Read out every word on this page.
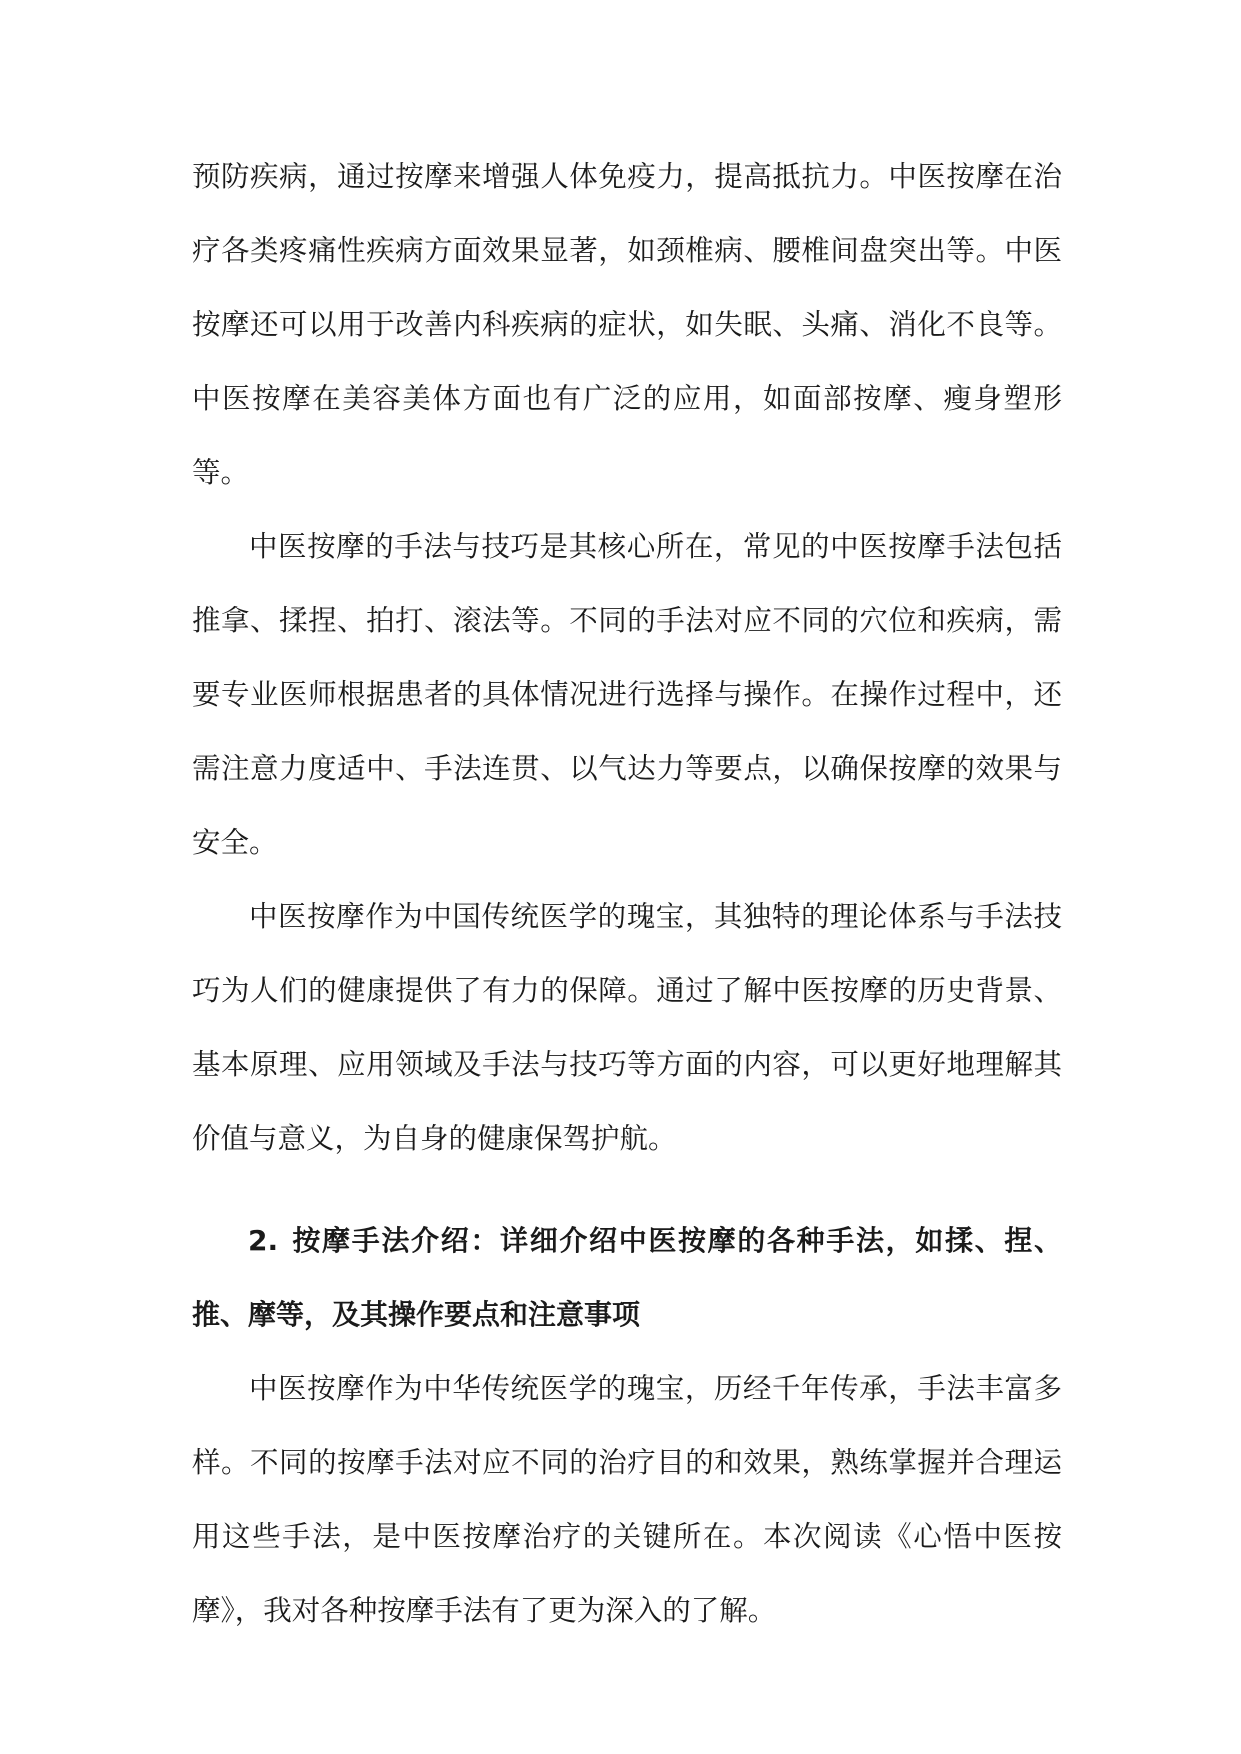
预防疾病，通过按摩来增强人体免疫力，提高抵抗力。中医按摩在治疗各类疼痛性疾病方面效果显著，如颈椎病、腰椎间盘突出等。中医按摩还可以用于改善内科疾病的症状，如失眠、头痛、消化不良等。中医按摩在美容美体方面也有广泛的应用，如面部按摩、瘦身塑形等。

中医按摩的手法与技巧是其核心所在，常见的中医按摩手法包括推拿、揉捏、拍打、滚法等。不同的手法对应不同的穴位和疾病，需要专业医师根据患者的具体情况进行选择与操作。在操作过程中，还需注意力度适中、手法连贯、以气达力等要点，以确保按摩的效果与安全。

中医按摩作为中国传统医学的瑰宝，其独特的理论体系与手法技巧为人们的健康提供了有力的保障。通过了解中医按摩的历史背景、基本原理、应用领域及手法与技巧等方面的内容，可以更好地理解其价值与意义，为自身的健康保驾护航。

2. 按摩手法介绍：详细介绍中医按摩的各种手法，如揉、捏、推、摩等，及其操作要点和注意事项

中医按摩作为中华传统医学的瑰宝，历经千年传承，手法丰富多样。不同的按摩手法对应不同的治疗目的和效果，熟练掌握并合理运用这些手法，是中医按摩治疗的关键所在。本次阅读《心悟中医按摩》，我对各种按摩手法有了更为深入的了解。
